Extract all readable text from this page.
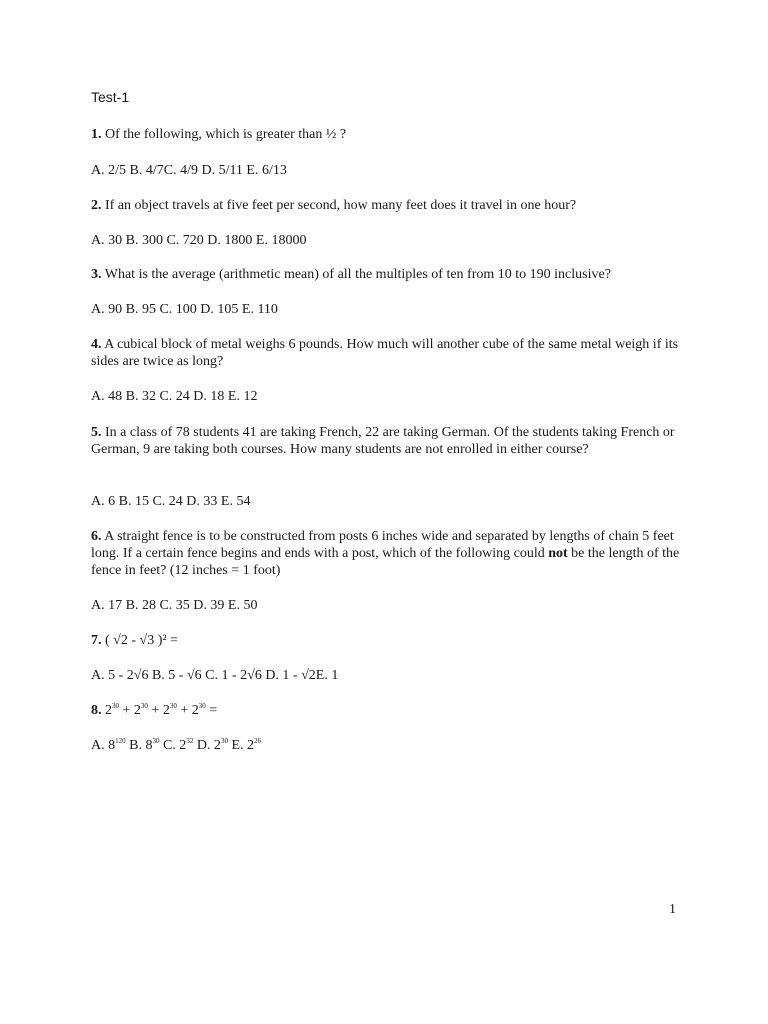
Test-1
1. Of the following, which is greater than ½ ?
A. 2/5 B. 4/7C. 4/9 D. 5/11 E. 6/13
2. If an object travels at five feet per second, how many feet does it travel in one hour?
A. 30 B. 300 C. 720 D. 1800 E. 18000
3. What is the average (arithmetic mean) of all the multiples of ten from 10 to 190 inclusive?
A. 90 B. 95 C. 100 D. 105 E. 110
4. A cubical block of metal weighs 6 pounds. How much will another cube of the same metal weigh if its sides are twice as long?
A. 48 B. 32 C. 24 D. 18 E. 12
5. In a class of 78 students 41 are taking French, 22 are taking German. Of the students taking French or German, 9 are taking both courses. How many students are not enrolled in either course?
A. 6 B. 15 C. 24 D. 33 E. 54
6. A straight fence is to be constructed from posts 6 inches wide and separated by lengths of chain 5 feet long. If a certain fence begins and ends with a post, which of the following could not be the length of the fence in feet? (12 inches = 1 foot)
A. 17 B. 28 C. 35 D. 39 E. 50
7. ( √2 - √3 )² =
A. 5 - 2√6 B. 5 - √6 C. 1 - 2√6 D. 1 - √2E. 1
8. $2^{30} + 2^{30} + 2^{30} + 2^{30}$ =
A. $8^{120}$ B. $8^{30}$ C. $2^{32}$ D. $2^{30}$ E. $2^{26}$
1
